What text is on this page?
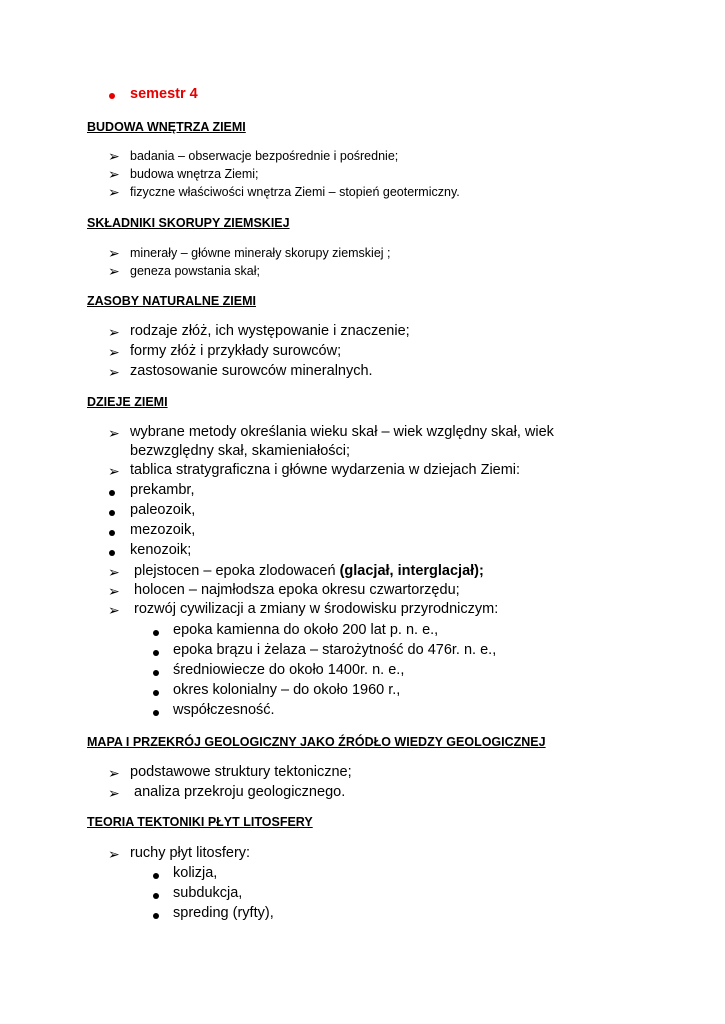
semestr 4
BUDOWA WNĘTRZA ZIEMI
➢ badania – obserwacje bezpośrednie i pośrednie;
➢ budowa wnętrza Ziemi;
➢ fizyczne właściwości wnętrza Ziemi – stopień geotermiczny.
SKŁADNIKI SKORUPY ZIEMSKIEJ
➢ minerały – główne minerały skorupy ziemskiej ;
➢ geneza powstania skał;
ZASOBY NATURALNE ZIEMI
➢ rodzaje złóż, ich występowanie i znaczenie;
➢ formy złóż i przykłady surowców;
➢ zastosowanie surowców mineralnych.
DZIEJE ZIEMI
➢ wybrane metody określania wieku skał – wiek względny skał, wiek
bezwzględny skał, skamieniałości;
➢ tablica stratygraficzna i główne wydarzenia w dziejach Ziemi:
prekambr,
paleozoik,
mezozoik,
kenozoik;
➢ plejstocen – epoka zlodowaceń (glacjał, interglacjał);
➢ holocen – najmłodsza epoka okresu czwartorzędu;
➢ rozwój cywilizacji a zmiany w środowisku przyrodniczym:
epoka kamienna do około 200 lat p. n. e.,
epoka brązu i żelaza – starożytność do 476r. n. e.,
średniowiecze do około 1400r. n. e.,
okres kolonialny – do około 1960 r.,
współczesność.
MAPA I PRZEKRÓJ GEOLOGICZNY JAKO ŹRÓDŁO WIEDZY GEOLOGICZNEJ
➢ podstawowe struktury tektoniczne;
➢ analiza przekroju geologicznego.
TEORIA TEKTONIKI PŁYT LITOSFERY
➢ ruchy płyt litosfery:
kolizja,
subdukcja,
spreding (ryfty),
